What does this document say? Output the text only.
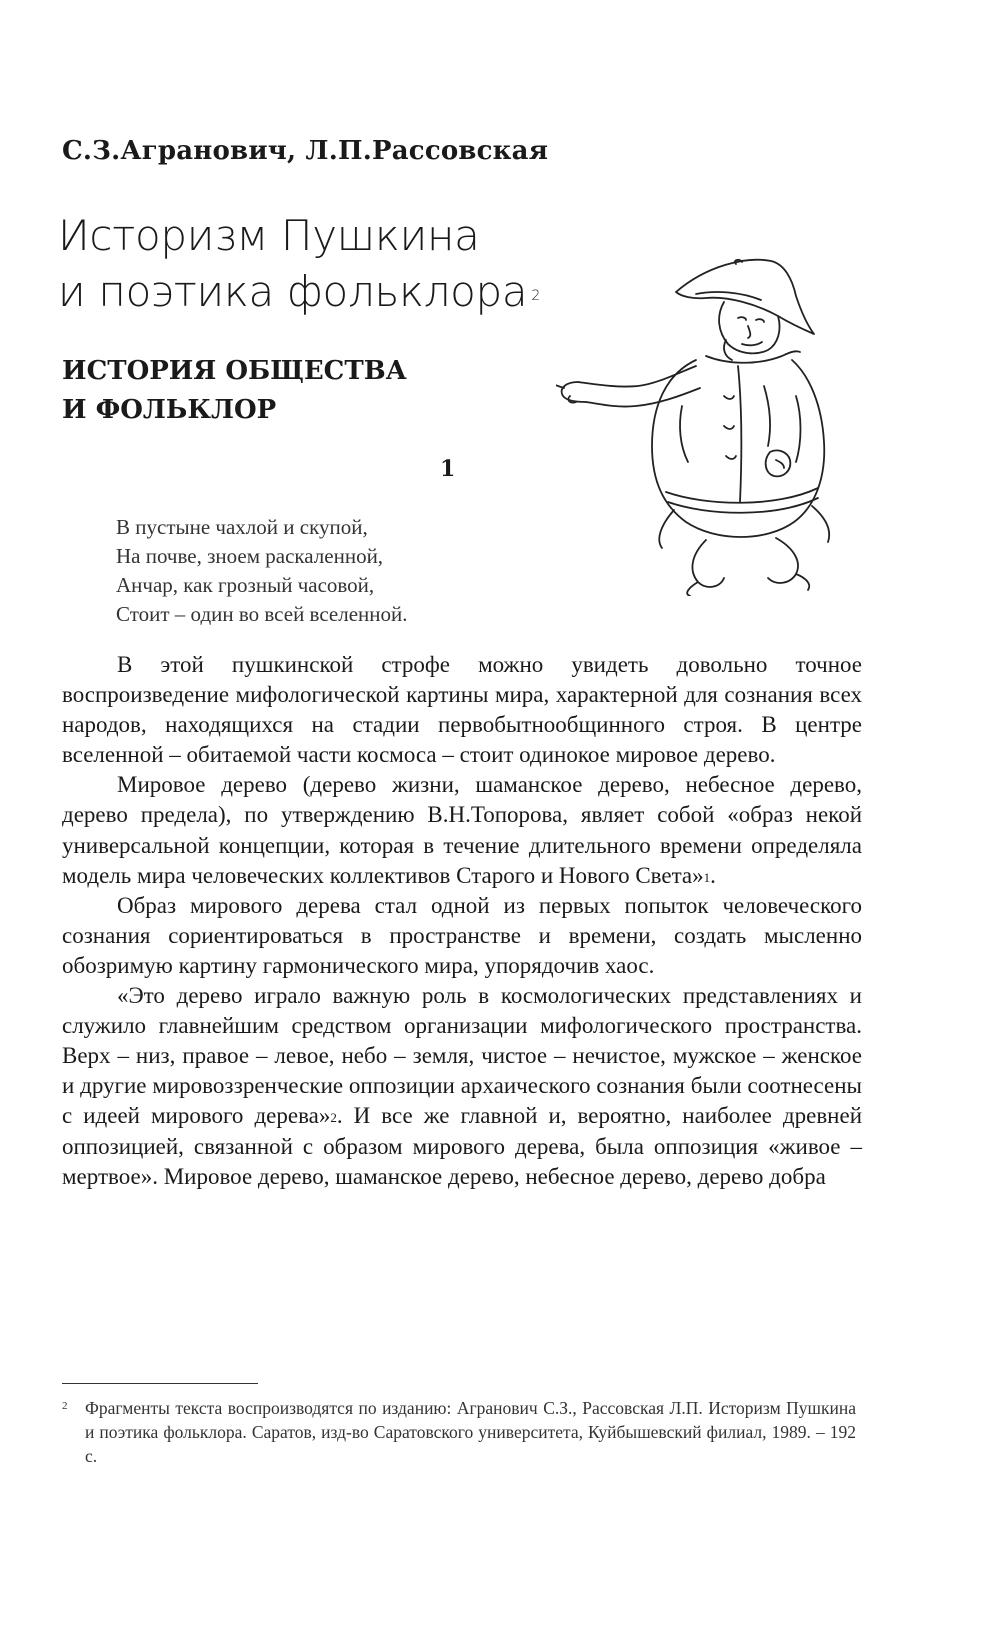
С.З.Агранович, Л.П.Рассовская
Историзм Пушкина
и поэтика фольклора $^2$
ИСТОРИЯ ОБЩЕСТВА
И ФОЛЬКЛОР
1
В пустыне чахлой и скупой,
На почве, зноем раскаленной,
Анчар, как грозный часовой,
Стоит – один во всей вселенной.

В этой пушкинской строфе можно увидеть довольно точное воспроизведение мифологической картины мира, характерной для сознания всех народов, находящихся на стадии первобытнообщинного строя. В центре вселенной – обитаемой части космоса – стоит одинокое мировое дерево.

Мировое дерево (дерево жизни, шаманское дерево, небесное дерево, дерево предела), по утверждению В.Н.Топорова, являет собой «образ некой универсальной концепции, которая в течение длительного времени определяла модель мира человеческих коллективов Старого и Нового Света»$^1$.

Образ мирового дерева стал одной из первых попыток человеческого сознания сориентироваться в пространстве и времени, создать мысленно обозримую картину гармонического мира, упорядочив хаос.

«Это дерево играло важную роль в космологических представлениях и служило главнейшим средством организации мифологического пространства. Верх – низ, правое – левое, небо – земля, чистое – нечистое, мужское – женское и другие мировоззренческие оппозиции архаического сознания были соотнесены с идеей мирового дерева»$^2$. И все же главной и, вероятно, наиболее древней оппозицией, связанной с образом мирового дерева, была оппозиция «живое – мертвое». Мировое дерево, шаманское дерево, небесное дерево, дерево добра

2 Фрагменты текста воспроизводятся по изданию: Агранович С.З., Рассовская Л.П. Историзм Пушкина и поэтика фольклора. Саратов, изд-во Саратовского университета, Куйбышевский филиал, 1989. – 192 с.
